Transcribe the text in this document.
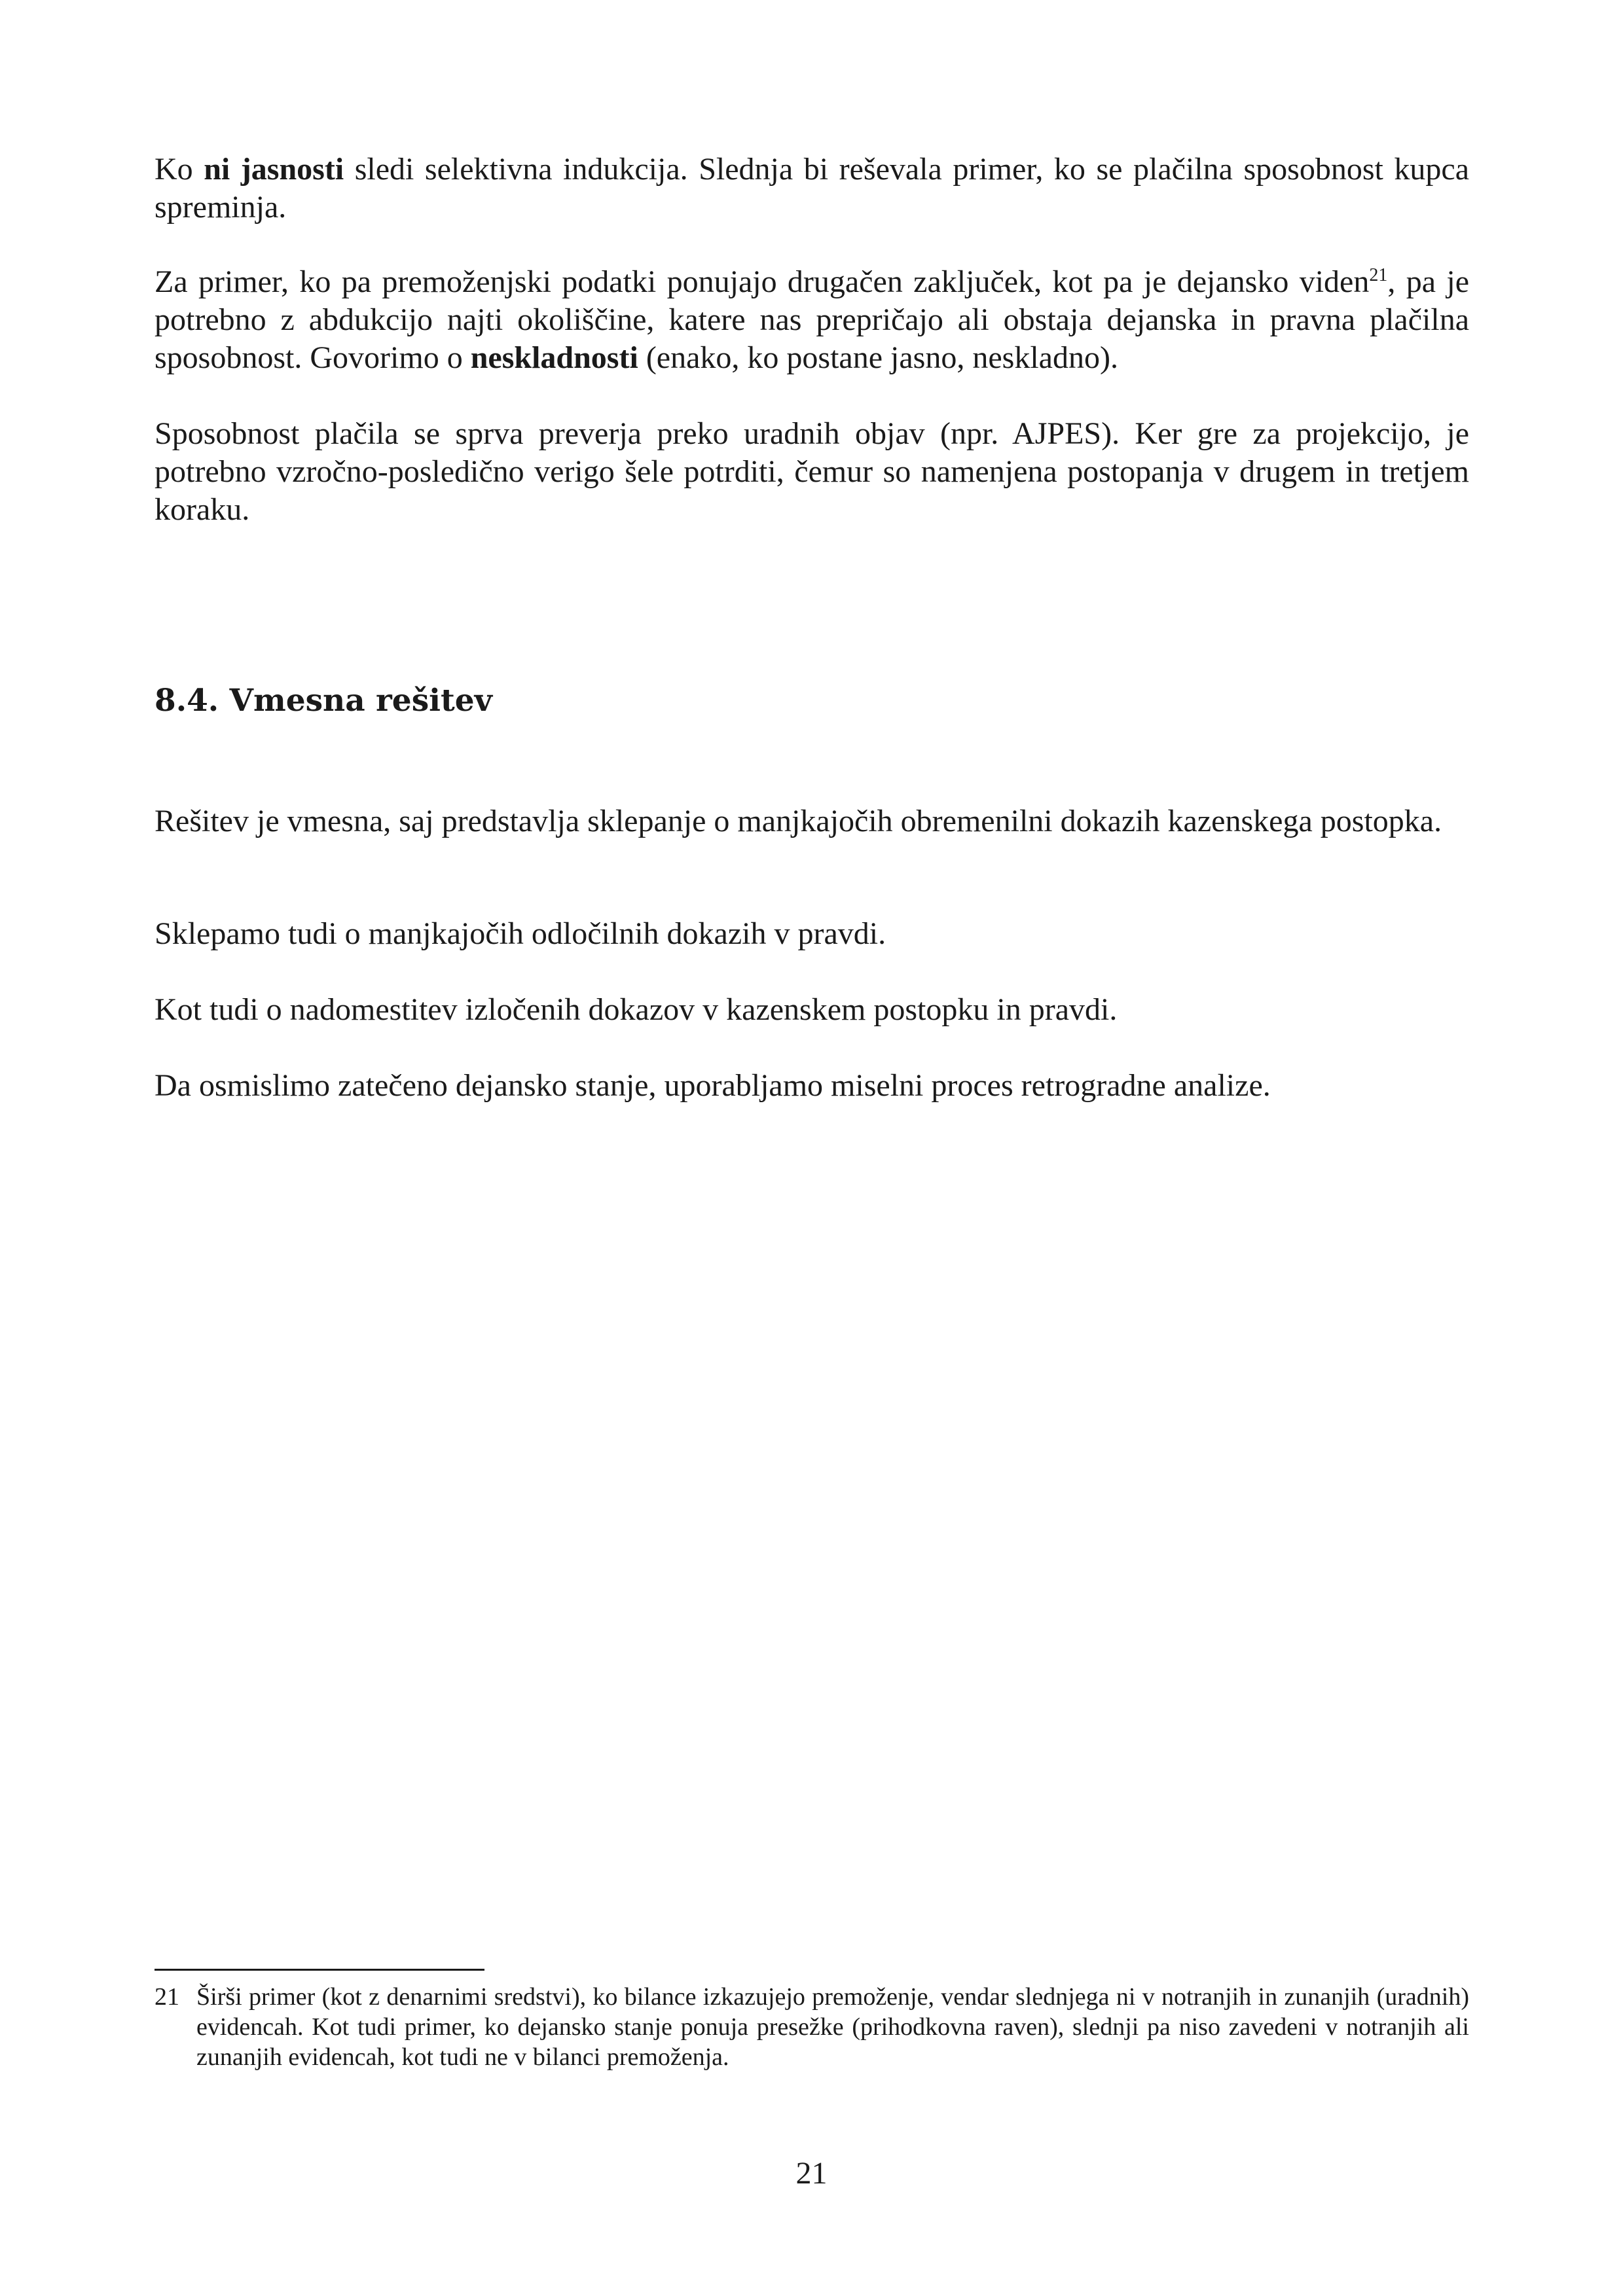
Ko ni jasnosti sledi selektivna indukcija. Slednja bi reševala primer, ko se plačilna sposobnost kupca spreminja.

Za primer, ko pa premoženjski podatki ponujajo drugačen zaključek, kot pa je dejansko viden$^{21}$, pa je potrebno z abdukcijo najti okoliščine, katere nas prepričajo ali obstaja dejanska in pravna plačilna sposobnost. Govorimo o neskladnosti (enako, ko postane jasno, neskladno).

Sposobnost plačila se sprva preverja preko uradnih objav (npr. AJPES). Ker gre za projekcijo, je potrebno vzročno-posledično verigo šele potrditi, čemur so namenjena postopanja v drugem in tretjem koraku.

8.4. Vmesna rešitev

Rešitev je vmesna, saj predstavlja sklepanje o manjkajočih obremenilni dokazih kazenskega postopka.

Sklepamo tudi o manjkajočih odločilnih dokazih v pravdi.

Kot tudi o nadomestitev izločenih dokazov v kazenskem postopku in pravdi.

Da osmislimo zatečeno dejansko stanje, uporabljamo miselni proces retrogradne analize.

21 Širši primer (kot z denarnimi sredstvi), ko bilance izkazujejo premoženje, vendar slednjega ni v notranjih in zunanjih (uradnih) evidencah. Kot tudi primer, ko dejansko stanje ponuja presežke (prihodkovna raven), slednji pa niso zavedeni v notranjih ali zunanjih evidencah, kot tudi ne v bilanci premoženja.
21
